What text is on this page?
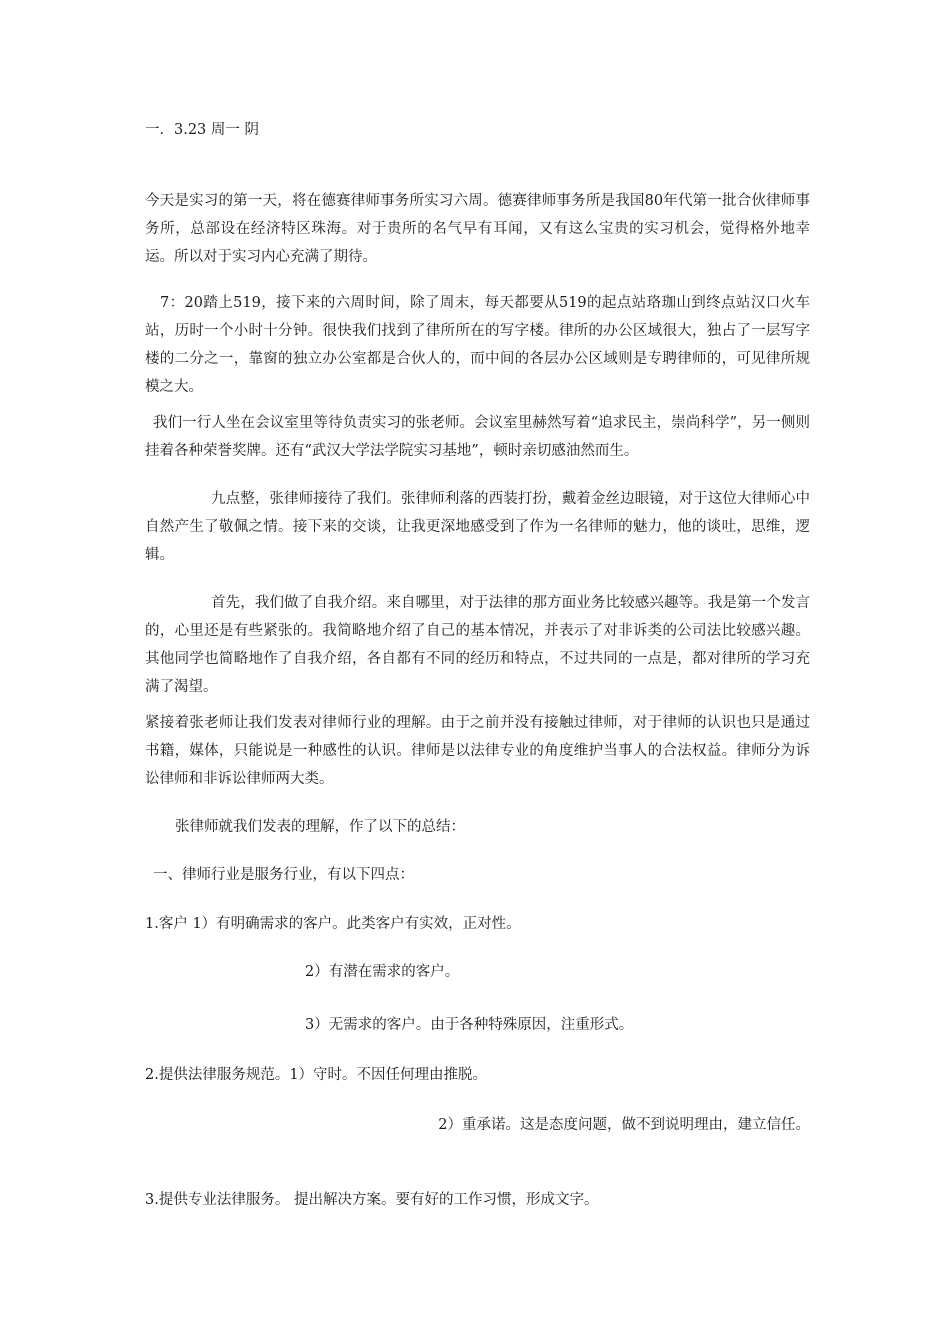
一．3.23 周一 阴

今天是实习的第一天，将在德赛律师事务所实习六周。德赛律师事务所是我国80年代第一批合伙律师事务所，总部设在经济特区珠海。对于贵所的名气早有耳闻，又有这么宝贵的实习机会，觉得格外地幸运。所以对于实习内心充满了期待。

7：20踏上519，接下来的六周时间，除了周末，每天都要从519的起点站珞珈山到终点站汉口火车站，历时一个小时十分钟。很快我们找到了律所所在的写字楼。律所的办公区域很大，独占了一层写字楼的二分之一，靠窗的独立办公室都是合伙人的，而中间的各层办公区域则是专聘律师的，可见律所规模之大。

我们一行人坐在会议室里等待负责实习的张老师。会议室里赫然写着“追求民主，崇尚科学”，另一侧则挂着各种荣誉奖牌。还有“武汉大学法学院实习基地”，顿时亲切感油然而生。

九点整，张律师接待了我们。张律师利落的西装打扮，戴着金丝边眼镜，对于这位大律师心中自然产生了敬佩之情。接下来的交谈，让我更深地感受到了作为一名律师的魅力，他的谈吐，思维，逻辑。

首先，我们做了自我介绍。来自哪里，对于法律的那方面业务比较感兴趣等。我是第一个发言的，心里还是有些紧张的。我简略地介绍了自己的基本情况，并表示了对非诉类的公司法比较感兴趣。其他同学也简略地作了自我介绍，各自都有不同的经历和特点，不过共同的一点是，都对律所的学习充满了渴望。

紧接着张老师让我们发表对律师行业的理解。由于之前并没有接触过律师，对于律师的认识也只是通过书籍，媒体，只能说是一种感性的认识。律师是以法律专业的角度维护当事人的合法权益。律师分为诉讼律师和非诉讼律师两大类。

张律师就我们发表的理解，作了以下的总结：

一、律师行业是服务行业，有以下四点：

1.客户 1）有明确需求的客户。此类客户有实效，正对性。

2）有潜在需求的客户。

3）无需求的客户。由于各种特殊原因，注重形式。

2.提供法律服务规范。1）守时。不因任何理由推脱。

2）重承诺。这是态度问题，做不到说明理由，建立信任。

3.提供专业法律服务。 提出解决方案。要有好的工作习惯，形成文字。
